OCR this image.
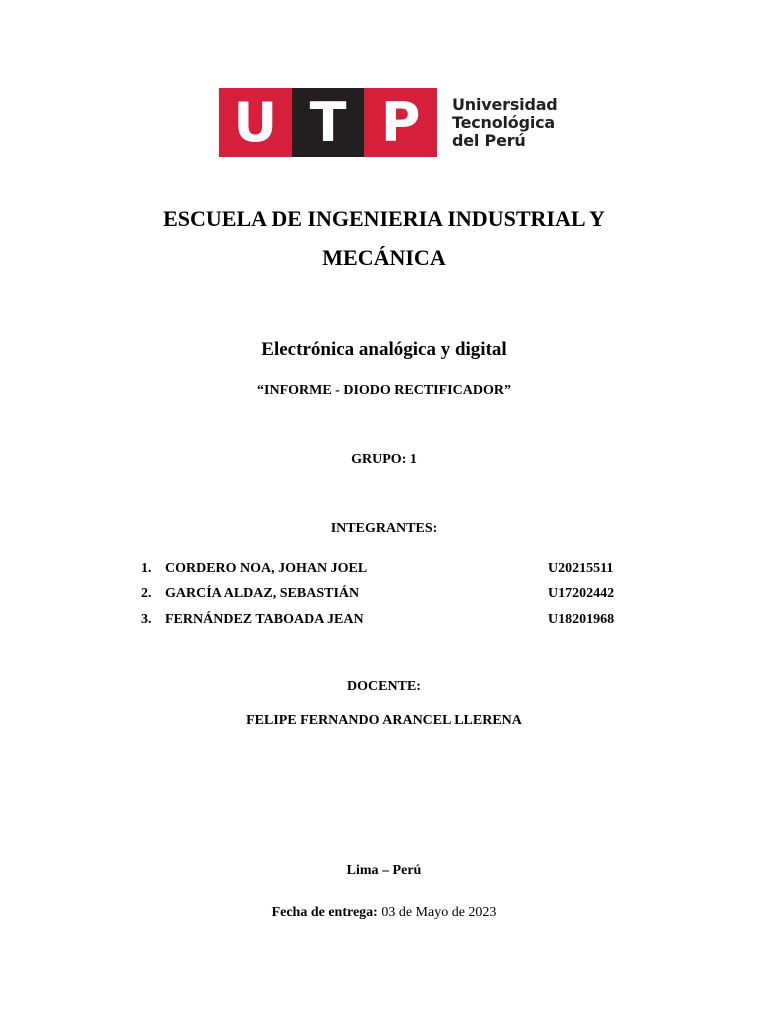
U T P	Universidad
Tecnológica
del Perú
ESCUELA DE INGENIERIA INDUSTRIAL Y
MECÁNICA
Electrónica analógica y digital
“INFORME - DIODO RECTIFICADOR”
GRUPO: 1
INTEGRANTES:
1. CORDERO NOA, JOHAN JOEL	U20215511
2. GARCÍA ALDAZ, SEBASTIÁN	U17202442
3. FERNÁNDEZ TABOADA JEAN	U18201968
DOCENTE:
FELIPE FERNANDO ARANCEL LLERENA
Lima – Perú
Fecha de entrega: 03 de Mayo de 2023
